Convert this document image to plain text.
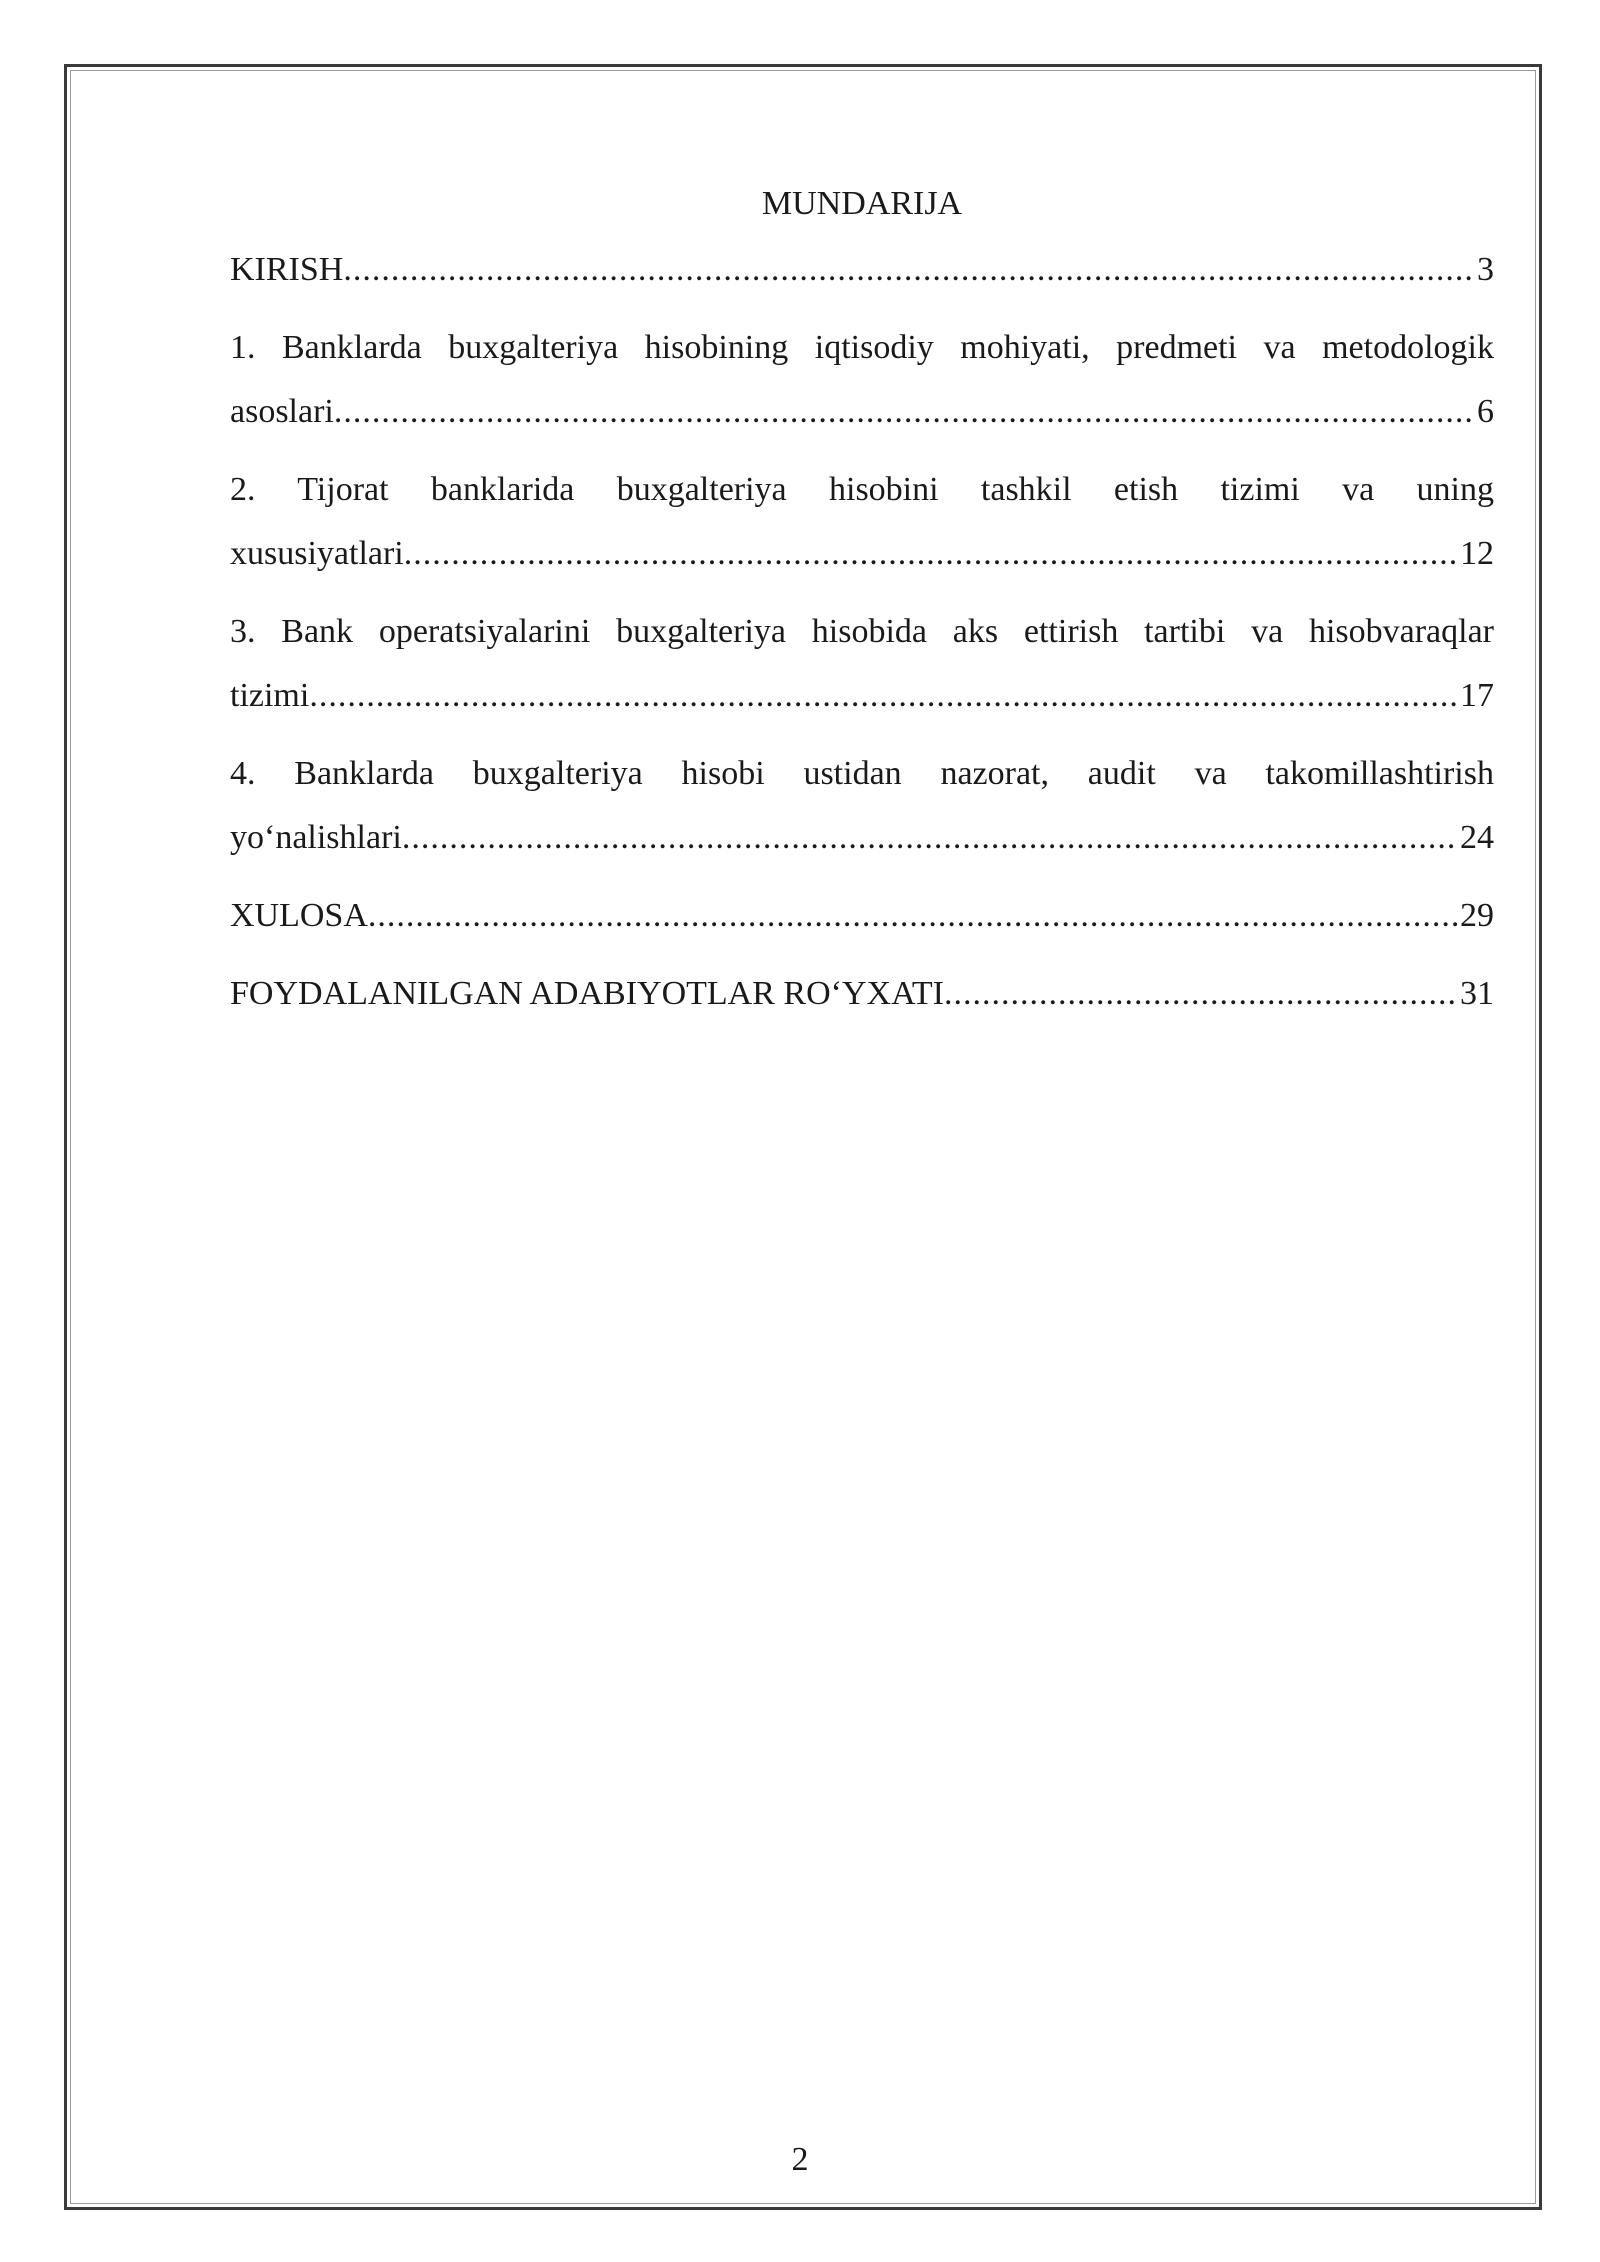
MUNDARIJA
KIRISH .....	3
1. Banklarda buxgalteriya hisobining iqtisodiy mohiyati, predmeti va metodologik
asoslari .....	6
2. Tijorat banklarida buxgalteriya hisobini tashkil etish tizimi va uning
xususiyatlari .....	12
3. Bank operatsiyalarini buxgalteriya hisobida aks ettirish tartibi va hisobvaraqlar
tizimi .....	17
4. Banklarda buxgalteriya hisobi ustidan nazorat, audit va takomillashtirish
yo‘nalishlari .....	24
XULOSA .....	29
FOYDALANILGAN ADABIYOTLAR RO‘YXATI .....	31
2
